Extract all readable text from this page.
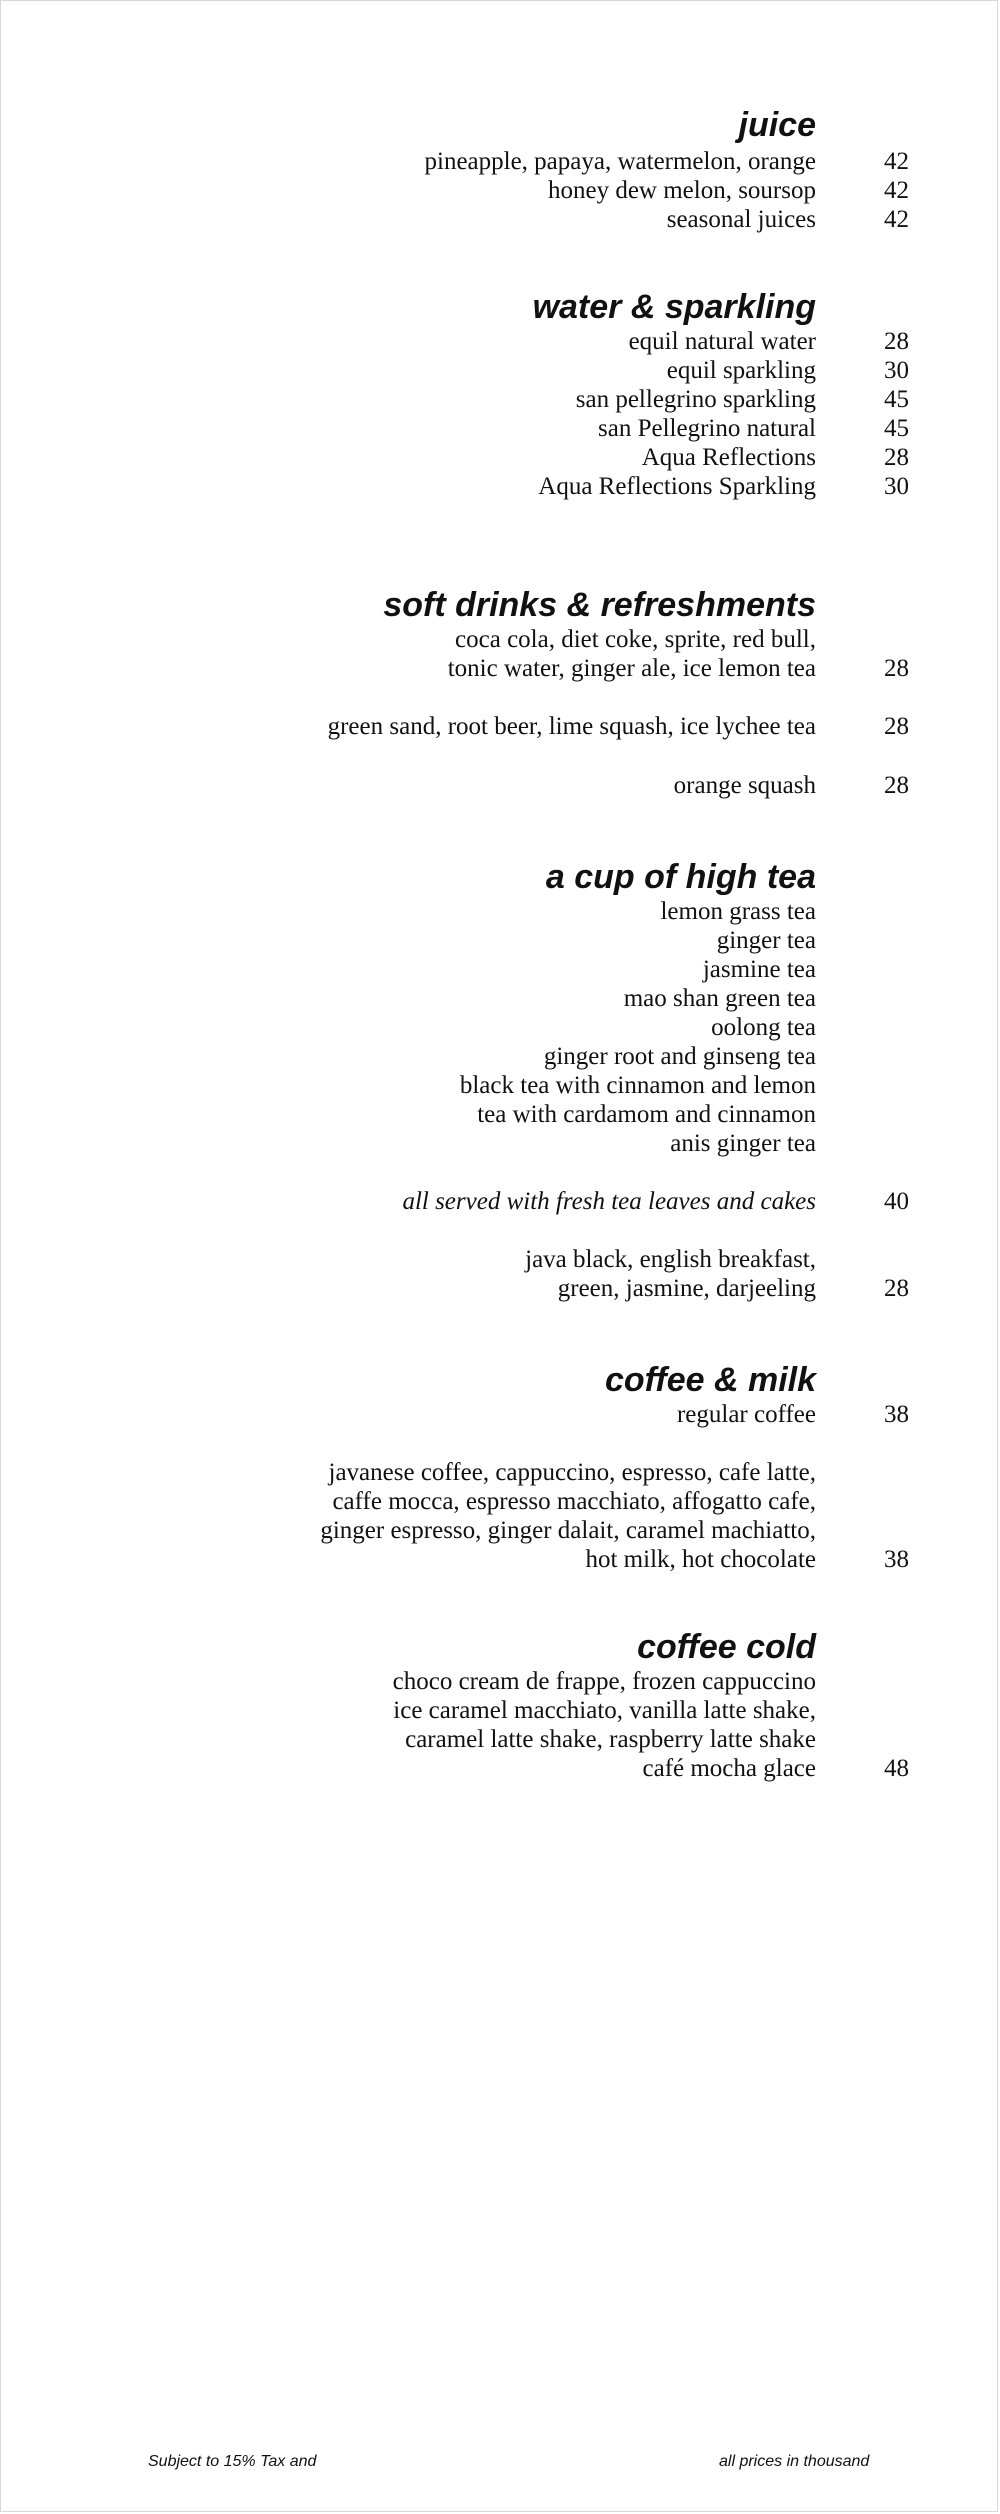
juice
pineapple, papaya, watermelon, orange	42
honey dew melon, soursop	42
seasonal juices	42
water & sparkling
equil natural water	28
equil sparkling	30
san pellegrino sparkling	45
san Pellegrino natural	45
Aqua Reflections	28
Aqua Reflections Sparkling	30
soft drinks & refreshments
coca cola, diet coke, sprite, red bull,
tonic water, ginger ale, ice lemon tea	28
green sand, root beer, lime squash, ice lychee tea	28
orange squash	28
a cup of high tea
lemon grass tea
ginger tea
jasmine tea
mao shan green tea
oolong tea
ginger root and ginseng tea
black tea with cinnamon and lemon
tea with cardamom and cinnamon
anis ginger tea
all served with fresh tea leaves and cakes	40
java black, english breakfast,
green, jasmine, darjeeling	28
coffee & milk
regular coffee	38
javanese coffee, cappuccino, espresso, cafe latte,
caffe mocca, espresso macchiato, affogatto cafe,
ginger espresso, ginger dalait, caramel machiatto,
hot milk, hot chocolate	38
coffee cold
choco cream de frappe, frozen cappuccino
ice caramel macchiato, vanilla latte shake,
caramel latte shake, raspberry latte shake
café mocha glace	48
Subject to 15% Tax and	all prices in thousand
